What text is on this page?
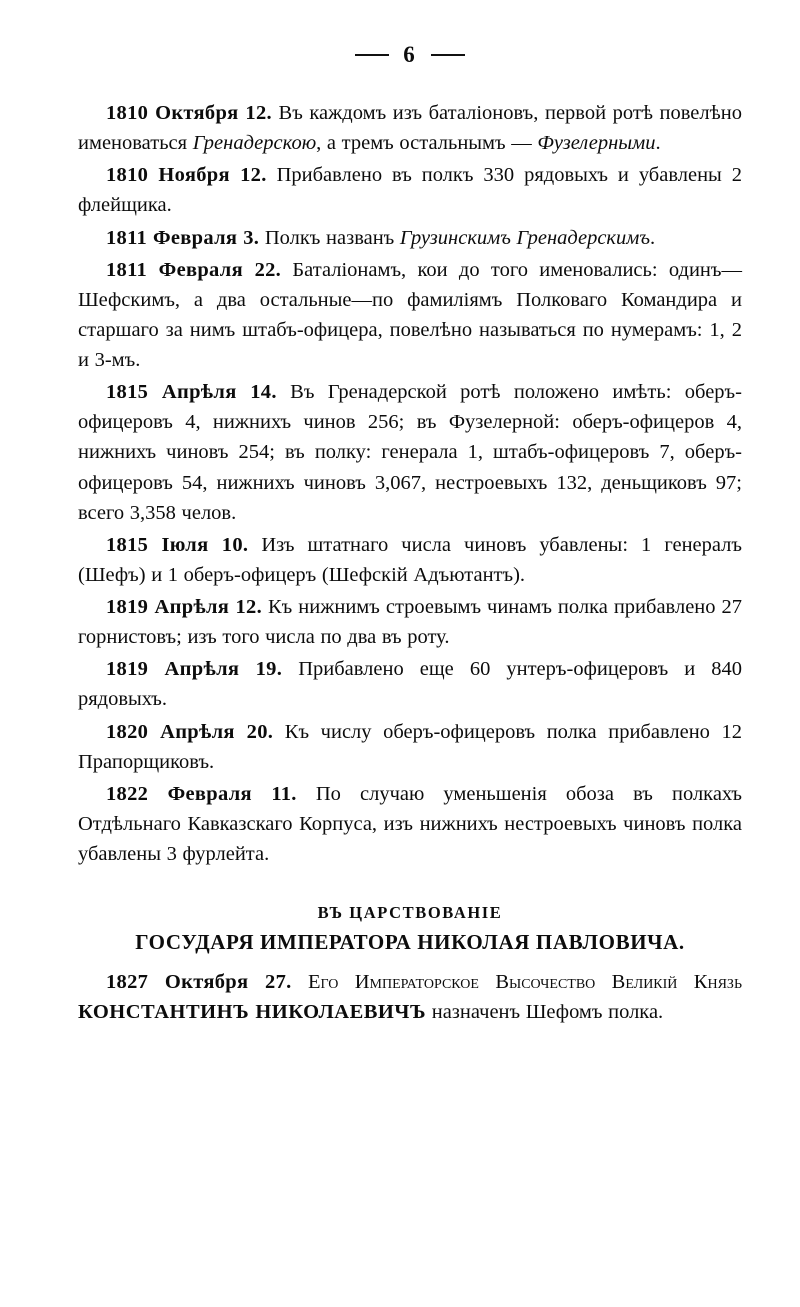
6

1810 Октября 12. Въ каждомъ изъ баталіоновъ, первой ротѣ повелѣно именоваться Гренадерскою, а тремъ остальнымъ — Фузелерными.

1810 Ноября 12. Прибавлено въ полкъ 330 рядовыхъ и убавлены 2 флейщика.

1811 Февраля 3. Полкъ названъ Грузинскимъ Гренадерскимъ.

1811 Февраля 22. Баталіонамъ, кои до того именовались: одинъ—Шефскимъ, а два остальные—по фамиліямъ Полковаго Командира и старшаго за нимъ штабъ-офицера, повелѣно называться по нумерамъ: 1, 2 и 3-мъ.

1815 Апрѣля 14. Въ Гренадерской ротѣ положено имѣть: оберъ-офицеровъ 4, нижнихъ чинов 256; въ Фузелерной: оберъ-офицеров 4, нижнихъ чиновъ 254; въ полку: генерала 1, штабъ-офицеровъ 7, оберъ-офицеровъ 54, нижнихъ чиновъ 3,067, нестроевыхъ 132, деньщиковъ 97; всего 3,358 челов.

1815 Іюля 10. Изъ штатнаго числа чиновъ убавлены: 1 генералъ (Шефъ) и 1 оберъ-офицеръ (Шефскій Адъютантъ).

1819 Апрѣля 12. Къ нижнимъ строевымъ чинамъ полка прибавлено 27 горнистовъ; изъ того числа по два въ роту.

1819 Апрѣля 19. Прибавлено еще 60 унтеръ-офицеровъ и 840 рядовыхъ.

1820 Апрѣля 20. Къ числу оберъ-офицеровъ полка прибавлено 12 Прапорщиковъ.

1822 Февраля 11. По случаю уменьшенія обоза въ полкахъ Отдѣльнаго Кавказскаго Корпуса, изъ нижнихъ нестроевыхъ чиновъ полка убавлены 3 фурлейта.

ВЪ ЦАРСТВОВАНІЕ
ГОСУДАРЯ ИМПЕРАТОРА НИКОЛАЯ ПАВЛОВИЧА.

1827 Октября 27. Его Императорское Высочество Великій Князь КОНСТАНТИНЪ НИКОЛАЕВИЧЪ назначенъ Шефомъ полка.
